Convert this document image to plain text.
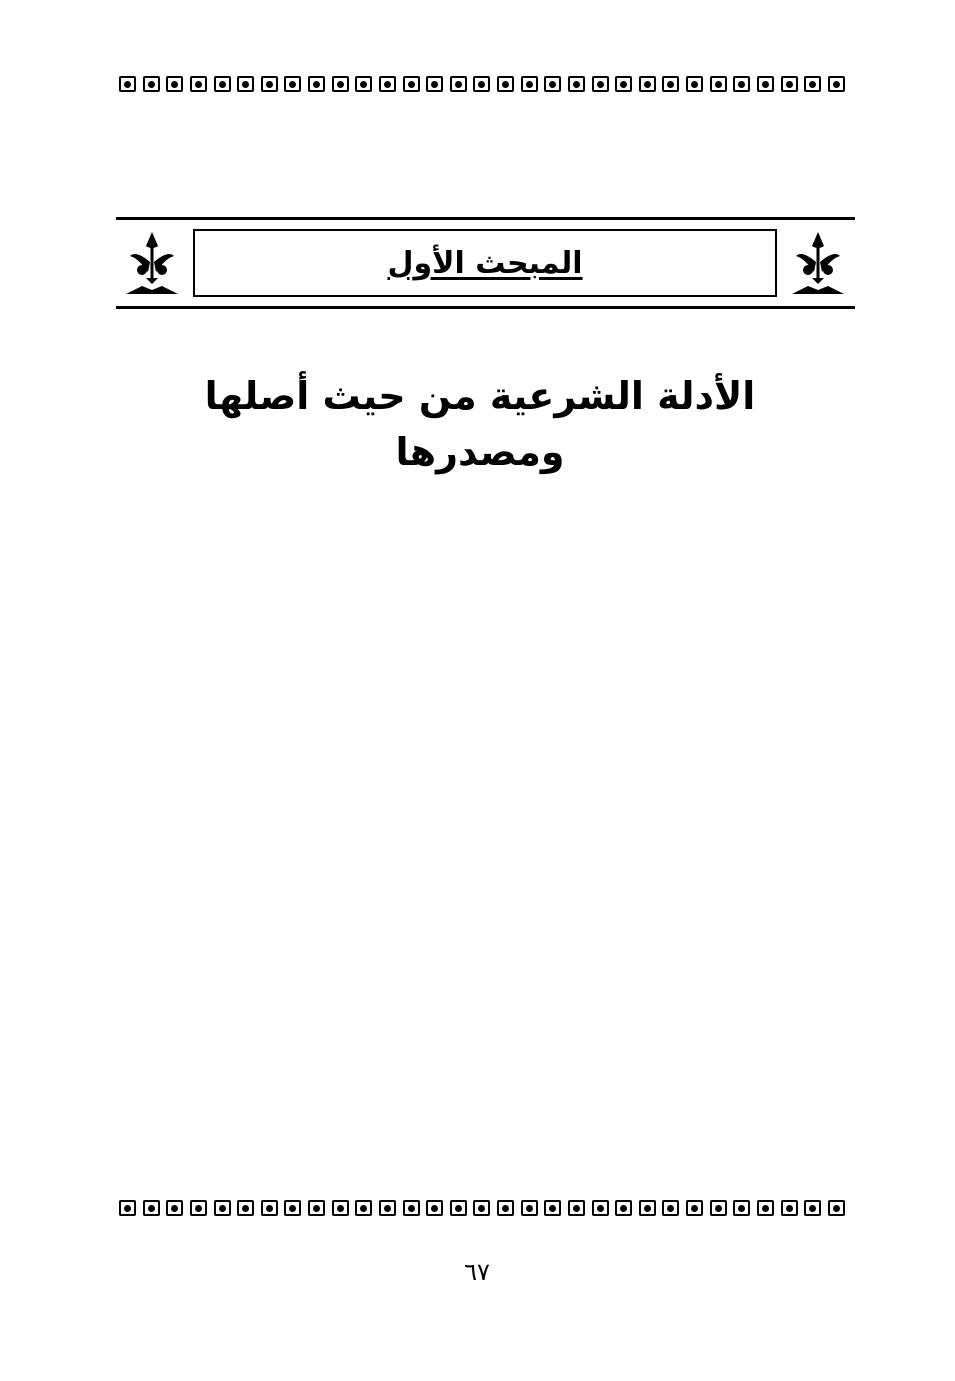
المبحث الأول
الأدلة الشرعية من حيث أصلها ومصدرها
٦٧
